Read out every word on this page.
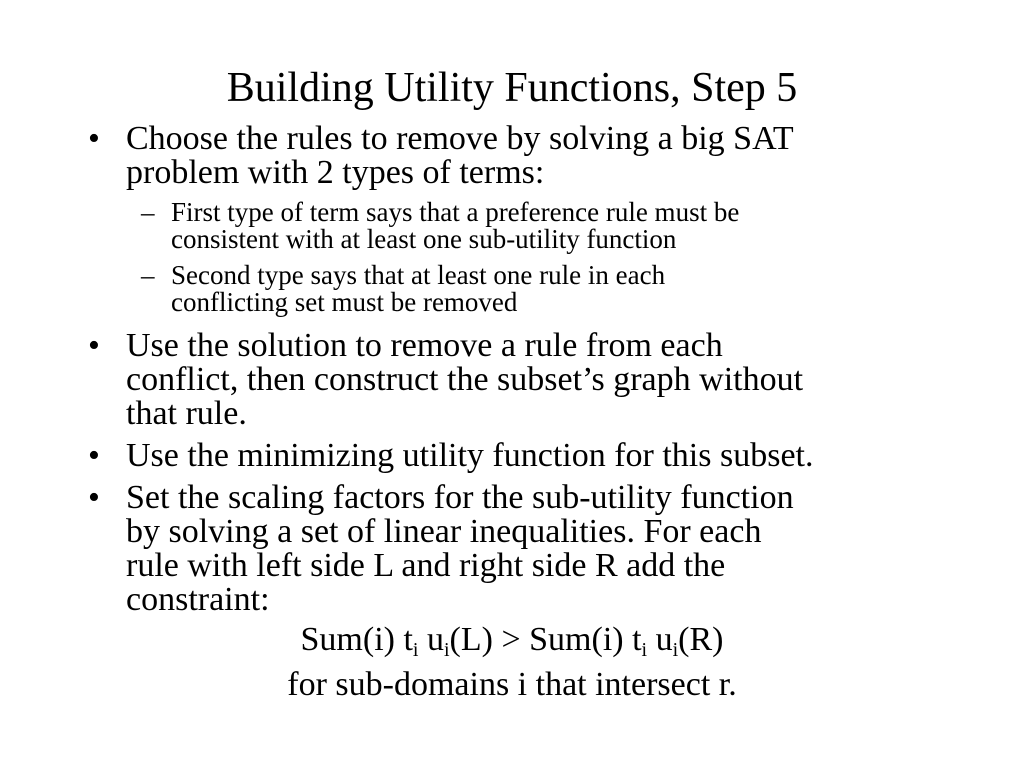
Building Utility Functions, Step 5
• Choose the rules to remove by solving a big SAT
problem with 2 types of terms:
– First type of term says that a preference rule must be
consistent with at least one sub-utility function
– Second type says that at least one rule in each
conflicting set must be removed
• Use the solution to remove a rule from each
conflict, then construct the subset’s graph without
that rule.
• Use the minimizing utility function for this subset.
• Set the scaling factors for the sub-utility function
by solving a set of linear inequalities. For each
rule with left side L and right side R add the
constraint:
Sum(i) $t_i$ $u_i(L) > Sum(i)$ $t_i$ $u_i(R)$
for sub-domains i that intersect r.
